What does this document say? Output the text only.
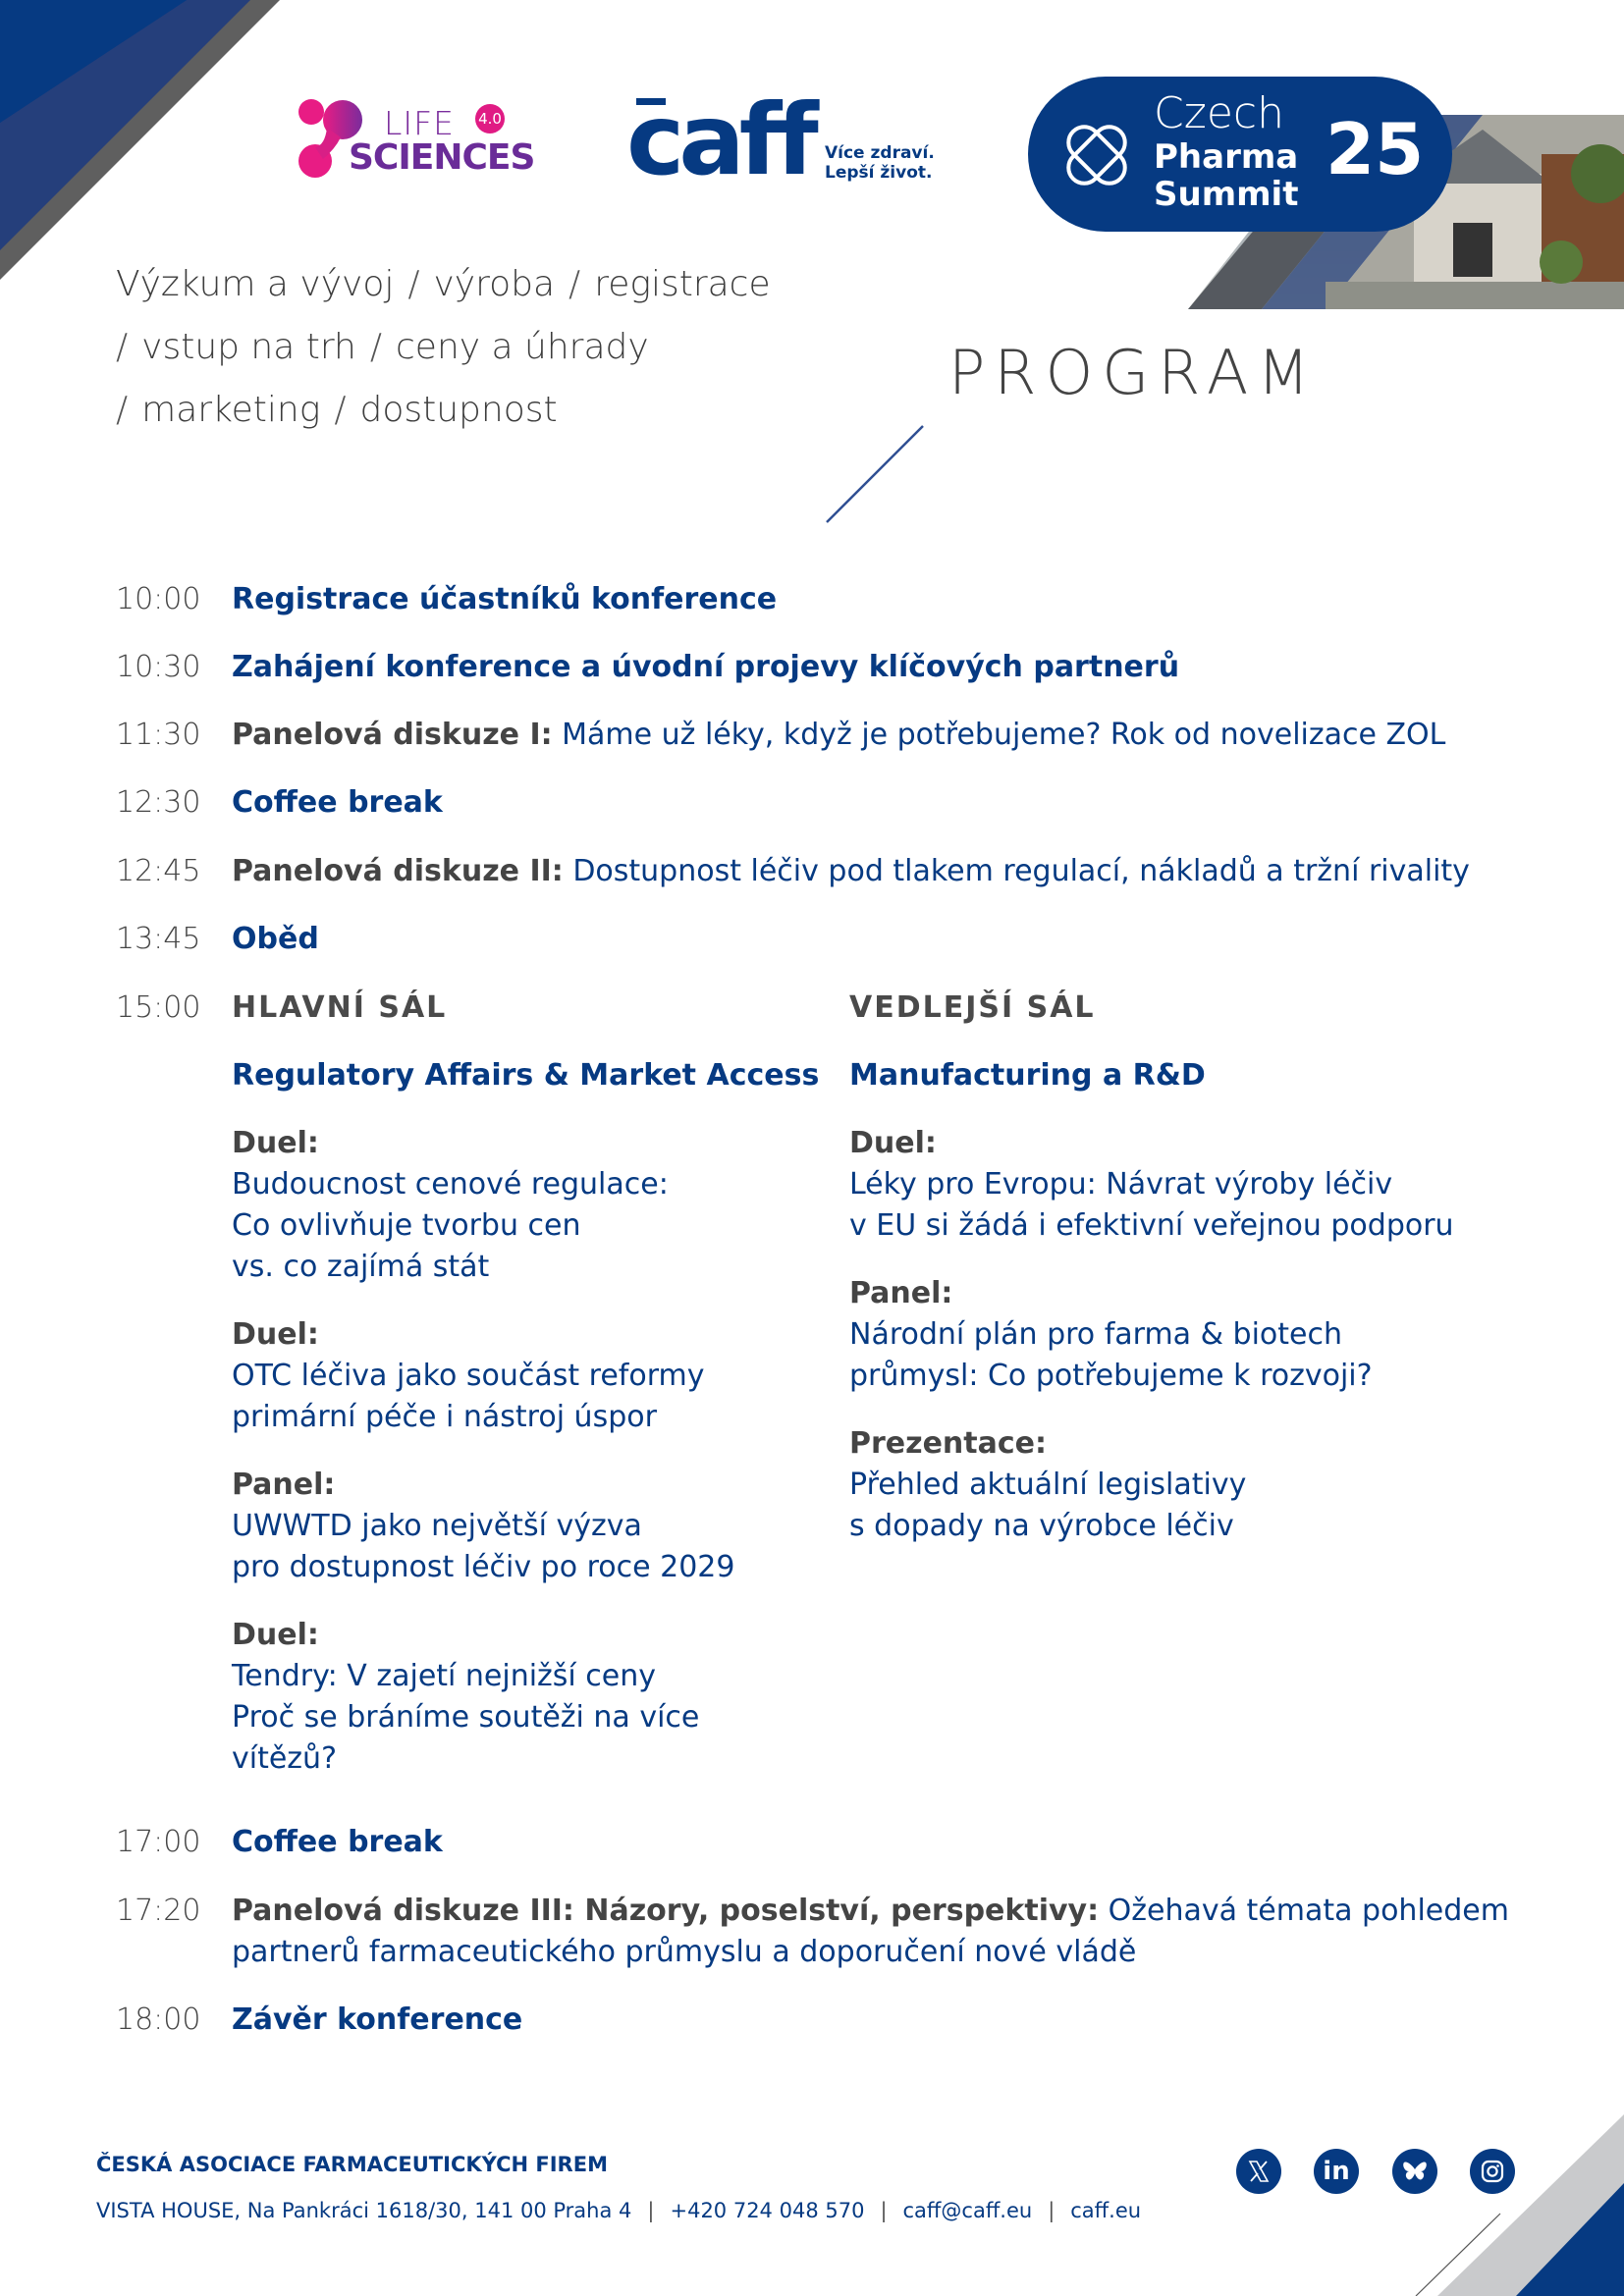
LIFE 4.0
SCIENCES caff Více zdraví.
Lepší život.
Czech
Pharma
Summit
25
Výzkum a vývoj / výroba / registrace
/ vstup na trh / ceny a úhrady
/ marketing / dostupnost
PROGRAM
10:00 Registrace účastníků konference
10:30 Zahájení konference a úvodní projevy klíčových partnerů
11:30 Panelová diskuze I: Máme už léky, když je potřebujeme? Rok od novelizace ZOL
12:30 Coffee break
12:45 Panelová diskuze II: Dostupnost léčiv pod tlakem regulací, nákladů a tržní rivality
13:45 Oběd
15:00 HLAVNÍ SÁL
Regulatory Affairs & Market Access
Duel:
Budoucnost cenové regulace:
Co ovlivňuje tvorbu cen
vs. co zajímá stát
Duel:
OTC léčiva jako součást reformy
primární péče i nástroj úspor
Panel:
UWWTD jako největší výzva
pro dostupnost léčiv po roce 2029
Duel:
Tendry: V zajetí nejnižší ceny
Proč se bráníme soutěži na více
vítězů?
VEDLEJŠÍ SÁL
Manufacturing a R&D
Duel:
Léky pro Evropu: Návrat výroby léčiv
v EU si žádá i efektivní veřejnou podporu
Panel:
Národní plán pro farma & biotech
průmysl: Co potřebujeme k rozvoji?
Prezentace:
Přehled aktuální legislativy
s dopady na výrobce léčiv
17:00 Coffee break
17:20 Panelová diskuze III: Názory, poselství, perspektivy: Ožehavá témata pohledem
partnerů farmaceutického průmyslu a doporučení nové vládě
18:00 Závěr konference
ČESKÁ ASOCIACE FARMACEUTICKÝCH FIREM
VISTA HOUSE, Na Pankráci 1618/30, 141 00 Praha 4 | +420 724 048 570 | caff@caff.eu | caff.eu
in
